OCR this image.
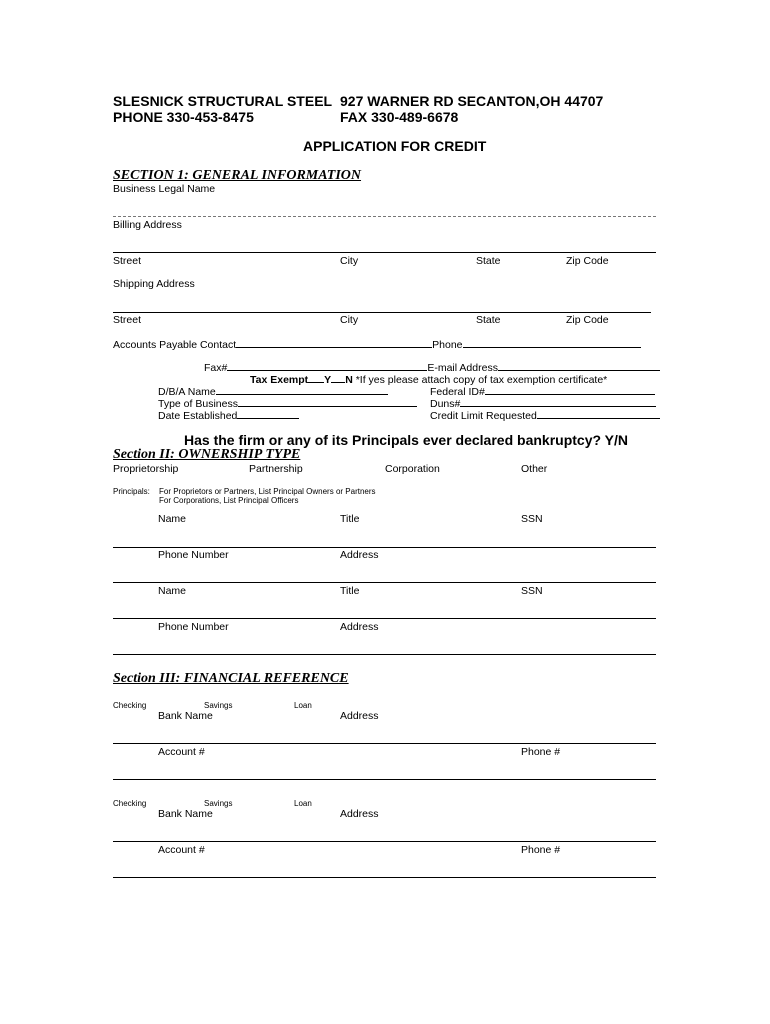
SLESNICK STRUCTURAL STEEL
PHONE 330-453-8475
927 WARNER RD SE CANTON,OH 44707
FAX 330-489-6678
APPLICATION FOR CREDIT
SECTION 1: GENERAL INFORMATION
Business Legal Name
Billing Address
Street	City	State	Zip Code
Shipping Address
Street	City	State	Zip Code
Accounts Payable Contact	Phone
Fax#	E-mail Address
Tax Exempt Y N *If yes please attach copy of tax exemption certificate*
D/B/A Name	Federal ID#
Type of Business	Duns#
Date Established	Credit Limit Requested
Has the firm or any of its Principals ever declared bankruptcy? Y/N
Section II: OWNERSHIP TYPE
Proprietorship	Partnership	Corporation	Other
Principals: For Proprietors or Partners, List Principal Owners or Partners
For Corporations, List Principal Officers
Name	Title	SSN
Phone Number	Address
Name	Title	SSN
Phone Number	Address
Section III: FINANCIAL REFERENCE
Checking	Savings	Loan
Bank Name	Address
Account #	Phone #
Checking	Savings	Loan
Bank Name	Address
Account #	Phone #
